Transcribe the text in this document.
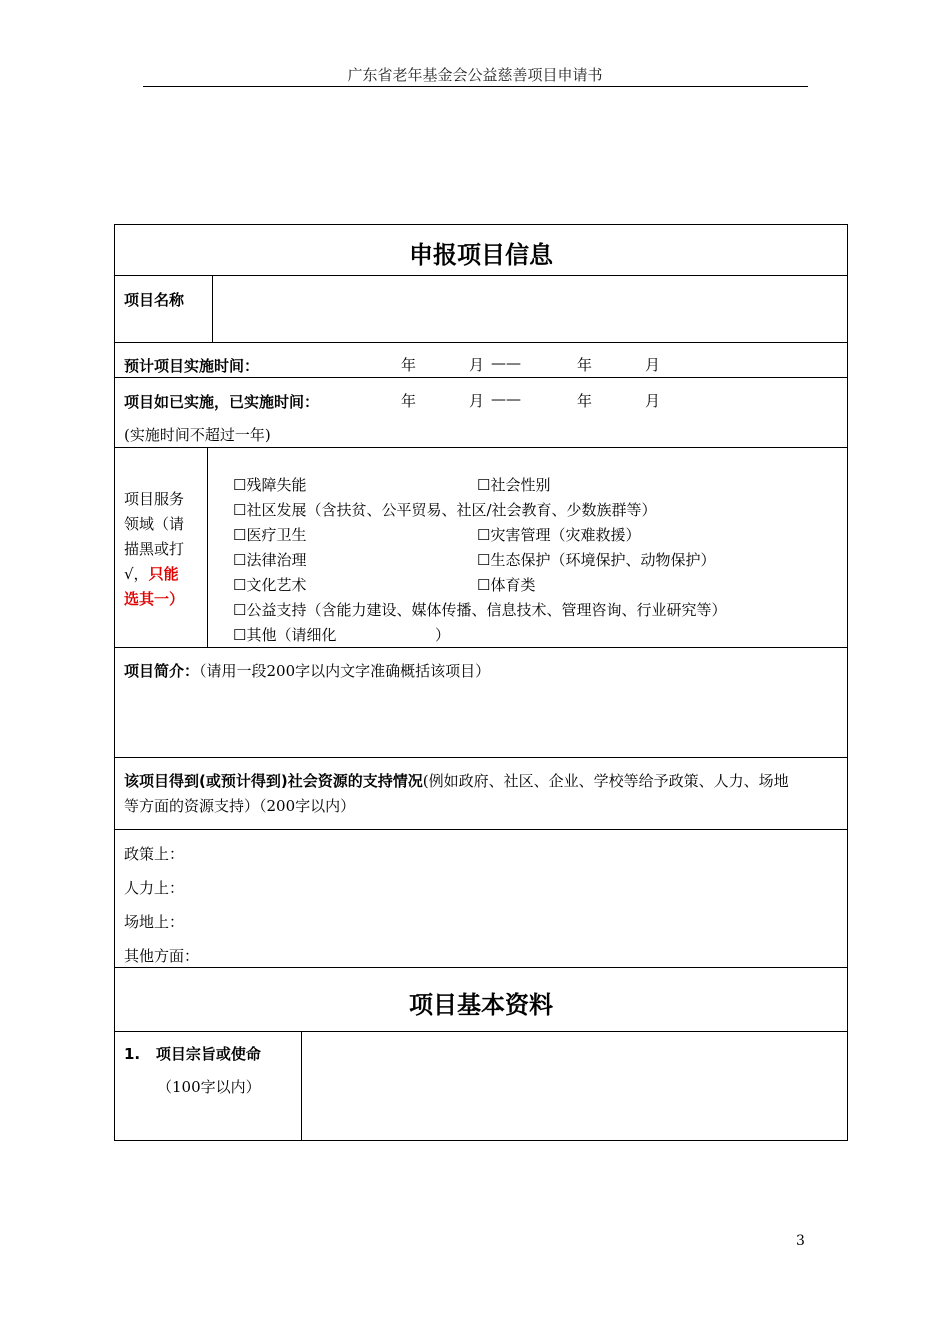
广东省老年基金会公益慈善项目申请书
申报项目信息
项目名称
预计项目实施时间：	年	月 ——	年	月
项目如已实施，已实施时间：	年	月 ——	年	月
(实施时间不超过一年)
项目服务
领域（请
描黑或打
√，只能
选其一）
☐残障失能	☐社会性别
☐社区发展（含扶贫、公平贸易、社区/社会教育、少数族群等）
☐医疗卫生	☐灾害管理（灾难救援）
☐法律治理	☐生态保护（环境保护、动物保护）
☐文化艺术	☐体育类
☐公益支持（含能力建设、媒体传播、信息技术、管理咨询、行业研究等）
☐其他（请细化	）
项目简介：（请用一段200字以内文字准确概括该项目）
该项目得到(或预计得到)社会资源的支持情况(例如政府、社区、企业、学校等给予政策、人力、场地
等方面的资源支持）（200字以内）
政策上：
人力上：
场地上：
其他方面：
项目基本资料
1. 项目宗旨或使命
（100字以内）
3
